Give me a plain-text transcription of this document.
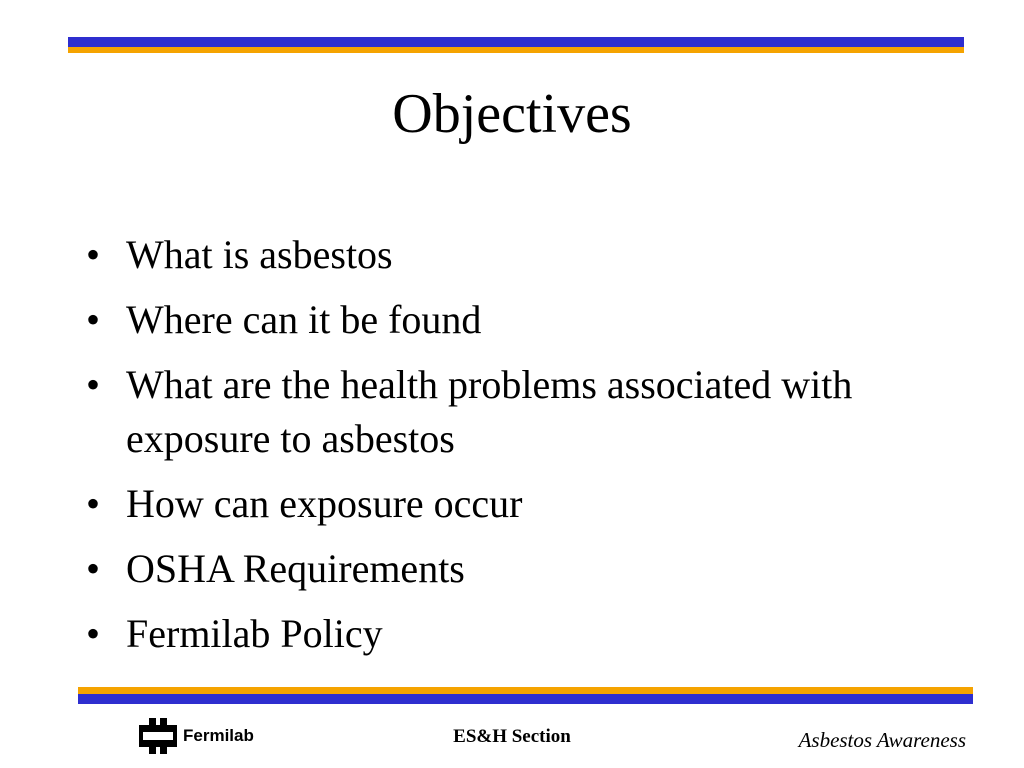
Objectives
• What is asbestos
• Where can it be found
• What are the health problems associated with exposure to asbestos
• How can exposure occur
• OSHA Requirements
• Fermilab Policy
Fermilab	ES&H Section	Asbestos Awareness
